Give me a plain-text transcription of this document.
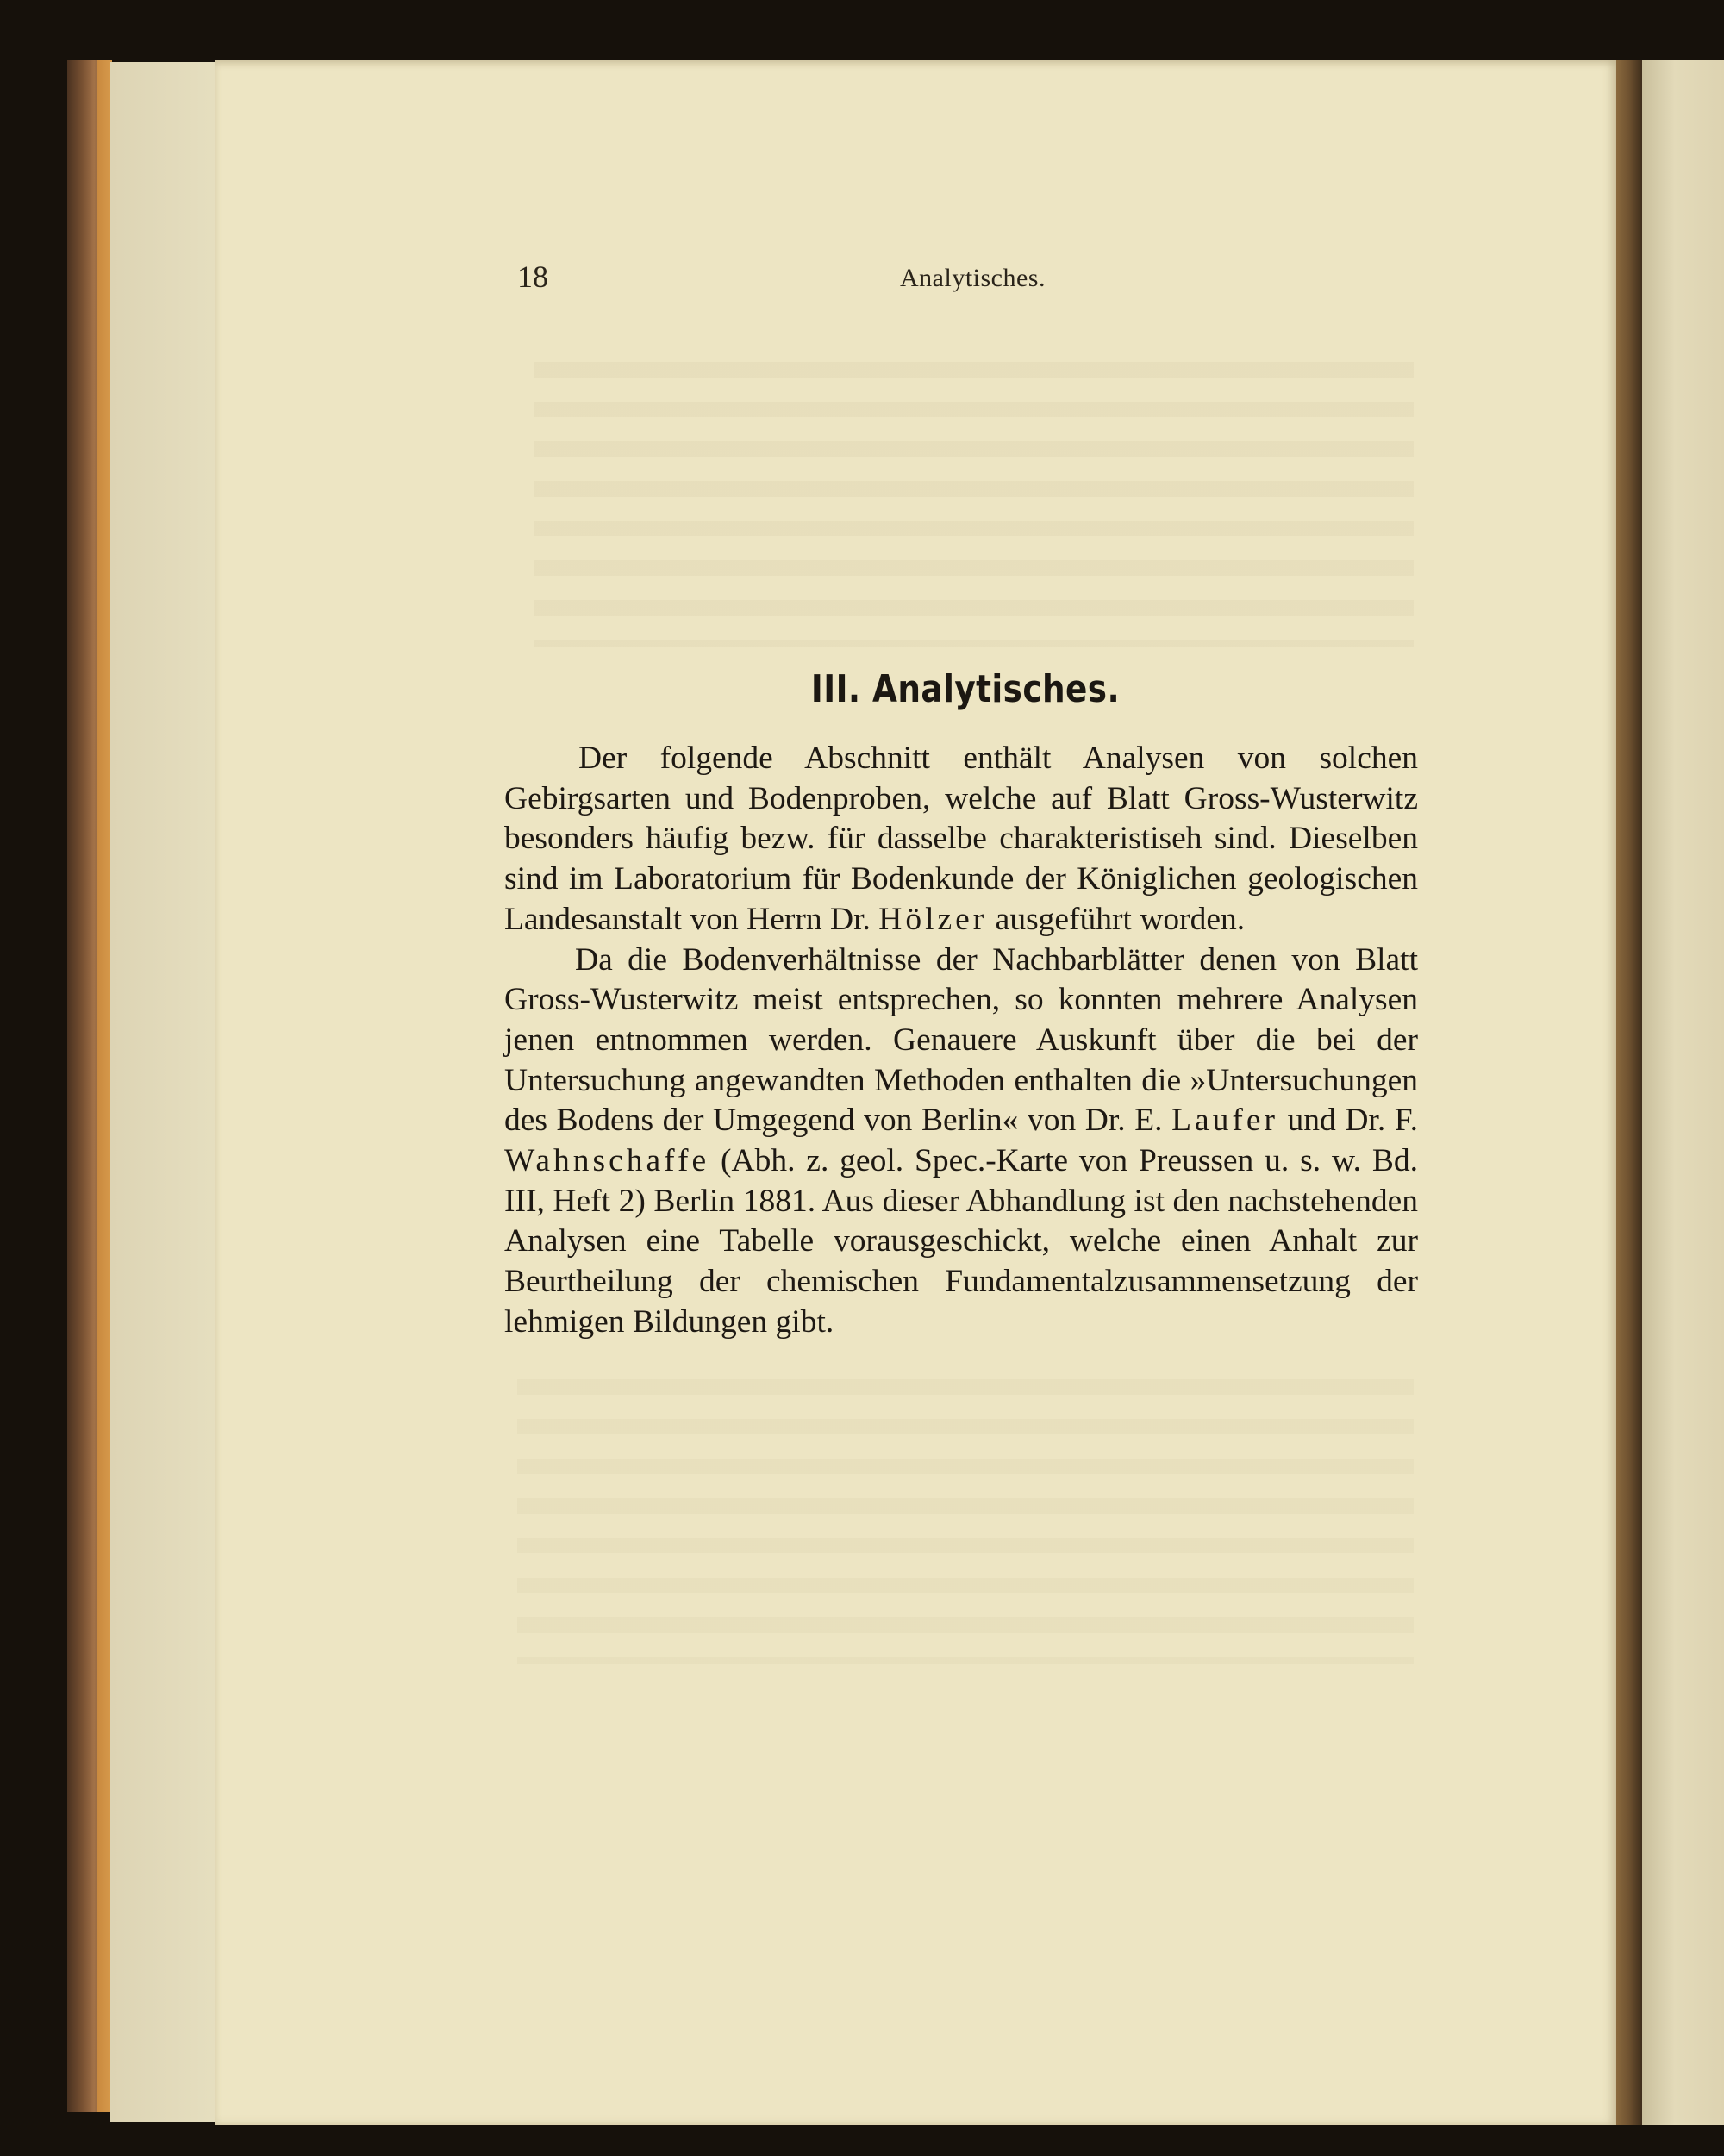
18	Analytisches.
III. Analytisches.

Der folgende Abschnitt enthält Analysen von solchen Gebirgsarten und Bodenproben, welche auf Blatt Gross-Wusterwitz besonders häufig bezw. für dasselbe charakteristiseh sind. Dieselben sind im Laboratorium für Bodenkunde der Königlichen geologischen Landesanstalt von Herrn Dr. Hölzer ausgeführt worden.

Da die Bodenverhältnisse der Nachbarblätter denen von Blatt Gross-Wusterwitz meist entsprechen, so konnten mehrere Analysen jenen entnommen werden. Genauere Auskunft über die bei der Untersuchung angewandten Methoden enthalten die »Untersuchungen des Bodens der Umgegend von Berlin« von Dr. E. Laufer und Dr. F. Wahnschaffe (Abh. z. geol. Spec.-Karte von Preussen u. s. w. Bd. III, Heft 2) Berlin 1881. Aus dieser Abhandlung ist den nachstehenden Analysen eine Tabelle vorausgeschickt, welche einen Anhalt zur Beurtheilung der chemischen Fundamentalzusammensetzung der lehmigen Bildungen gibt.
